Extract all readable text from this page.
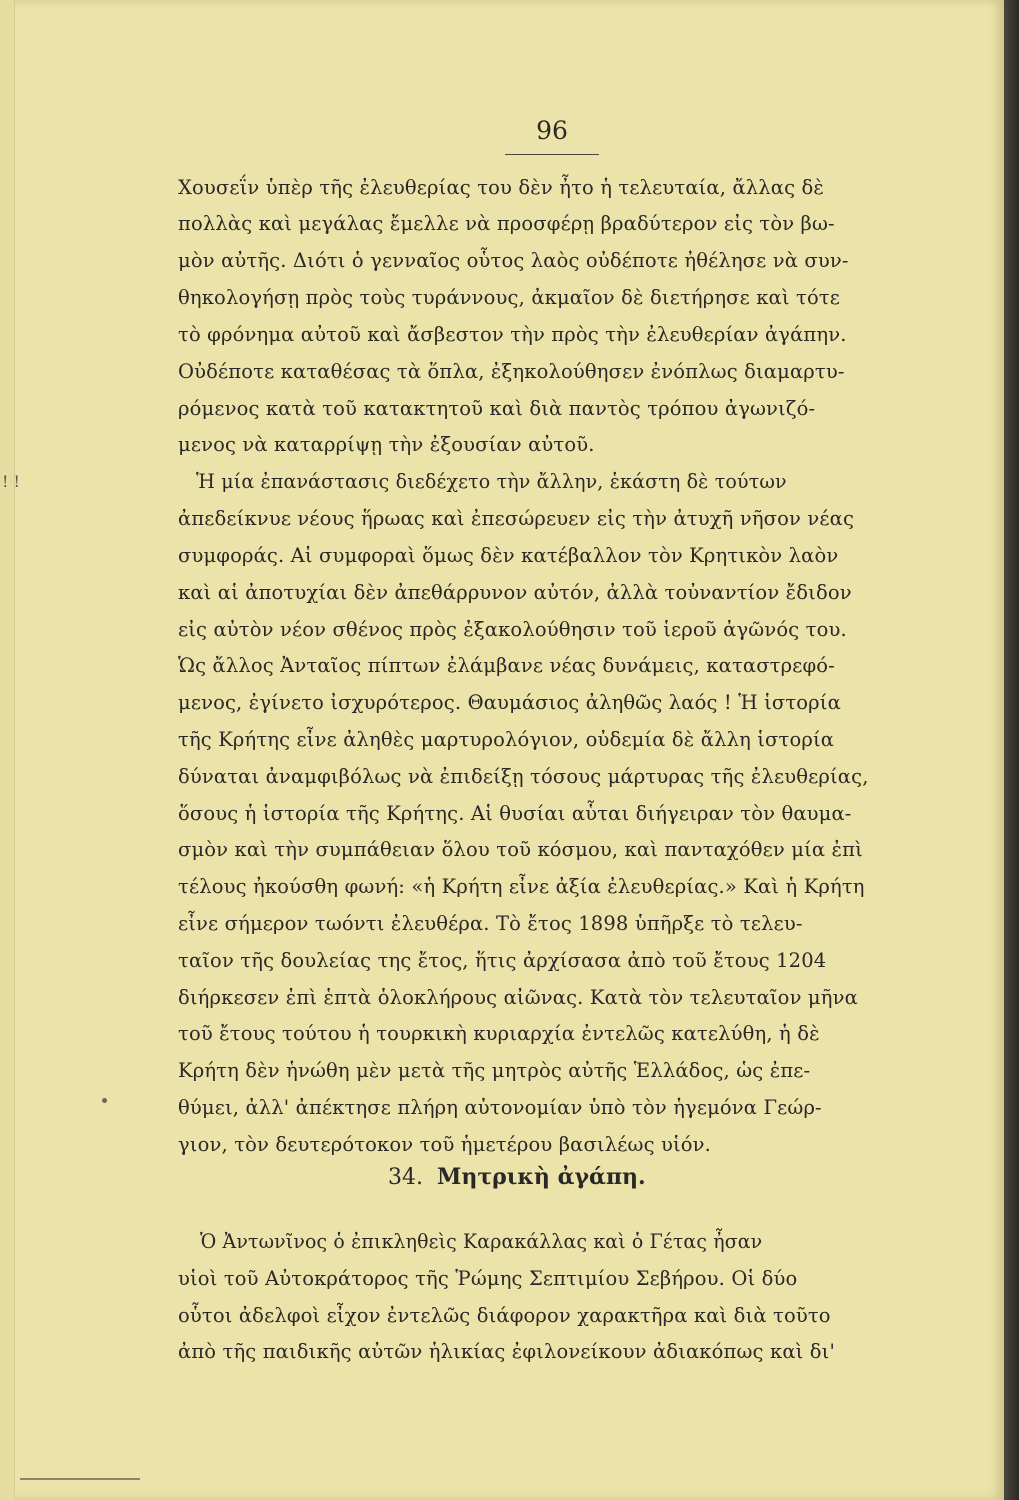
! !
96
Χουσεΐν ὑπὲρ τῆς ἐλευθερίας του δὲν ἦτο ἡ τελευταία, ἄλλας δὲ
πολλὰς καὶ μεγάλας ἔμελλε νὰ προσφέρῃ βραδύτερον εἰς τὸν βω-
μὸν αὐτῆς. Διότι ὁ γενναῖος οὗτος λαὸς οὐδέποτε ἠθέλησε νὰ συν-
θηκολογήσῃ πρὸς τοὺς τυράννους, ἀκμαῖον δὲ διετήρησε καὶ τότε
τὸ φρόνημα αὐτοῦ καὶ ἄσβεστον τὴν πρὸς τὴν ἐλευθερίαν ἀγάπην.
Οὐδέποτε καταθέσας τὰ ὅπλα, ἐξηκολούθησεν ἐνόπλως διαμαρτυ-
ρόμενος κατὰ τοῦ κατακτητοῦ καὶ διὰ παντὸς τρόπου ἀγωνιζό-
μενος νὰ καταρρίψῃ τὴν ἐξουσίαν αὐτοῦ.
Ἡ μία ἐπανάστασις διεδέχετο τὴν ἄλλην, ἑκάστη δὲ τούτων
ἀπεδείκνυε νέους ἥρωας καὶ ἐπεσώρευεν εἰς τὴν ἀτυχῆ νῆσον νέας
συμφοράς. Αἱ συμφοραὶ ὅμως δὲν κατέβαλλον τὸν Κρητικὸν λαὸν
καὶ αἱ ἀποτυχίαι δὲν ἀπεθάρρυνον αὐτόν, ἀλλὰ τοὐναντίον ἔδιδον
εἰς αὐτὸν νέον σθένος πρὸς ἐξακολούθησιν τοῦ ἱεροῦ ἀγῶνός του.
Ὡς ἄλλος Ἀνταῖος πίπτων ἐλάμβανε νέας δυνάμεις, καταστρεφό-
μενος, ἐγίνετο ἰσχυρότερος. Θαυμάσιος ἀληθῶς λαός ! Ἡ ἱστορία
τῆς Κρήτης εἶνε ἀληθὲς μαρτυρολόγιον, οὐδεμία δὲ ἄλλη ἱστορία
δύναται ἀναμφιβόλως νὰ ἐπιδείξῃ τόσους μάρτυρας τῆς ἐλευθερίας,
ὅσους ἡ ἱστορία τῆς Κρήτης. Αἱ θυσίαι αὗται διήγειραν τὸν θαυμα-
σμὸν καὶ τὴν συμπάθειαν ὅλου τοῦ κόσμου, καὶ πανταχόθεν μία ἐπὶ
τέλους ἠκούσθη φωνή: «ἡ Κρήτη εἶνε ἀξία ἐλευθερίας.» Καὶ ἡ Κρήτη
εἶνε σήμερον τωόντι ἐλευθέρα. Τὸ ἔτος 1898 ὑπῆρξε τὸ τελευ-
ταῖον τῆς δουλείας της ἔτος, ἥτις ἀρχίσασα ἀπὸ τοῦ ἔτους 1204
διήρκεσεν ἐπὶ ἑπτὰ ὁλοκλήρους αἰῶνας. Κατὰ τὸν τελευταῖον μῆνα
τοῦ ἔτους τούτου ἡ τουρκικὴ κυριαρχία ἐντελῶς κατελύθη, ἡ δὲ
Κρήτη δὲν ἡνώθη μὲν μετὰ τῆς μητρὸς αὐτῆς Ἑλλάδος, ὡς ἐπε-
θύμει, ἀλλ' ἀπέκτησε πλήρη αὐτονομίαν ὑπὸ τὸν ἡγεμόνα Γεώρ-
γιον, τὸν δευτερότοκον τοῦ ἡμετέρου βασιλέως υἱόν.
34. Μητρικὴ ἀγάπη.
Ὁ Ἀντωνῖνος ὁ ἐπικληθεὶς Καρακάλλας καὶ ὁ Γέτας ἦσαν
υἱοὶ τοῦ Αὐτοκράτορος τῆς Ῥώμης Σεπτιμίου Σεβήρου. Οἱ δύο
οὗτοι ἀδελφοὶ εἶχον ἐντελῶς διάφορον χαρακτῆρα καὶ διὰ τοῦτο
ἀπὸ τῆς παιδικῆς αὐτῶν ἡλικίας ἐφιλονείκουν ἀδιακόπως καὶ δι'
